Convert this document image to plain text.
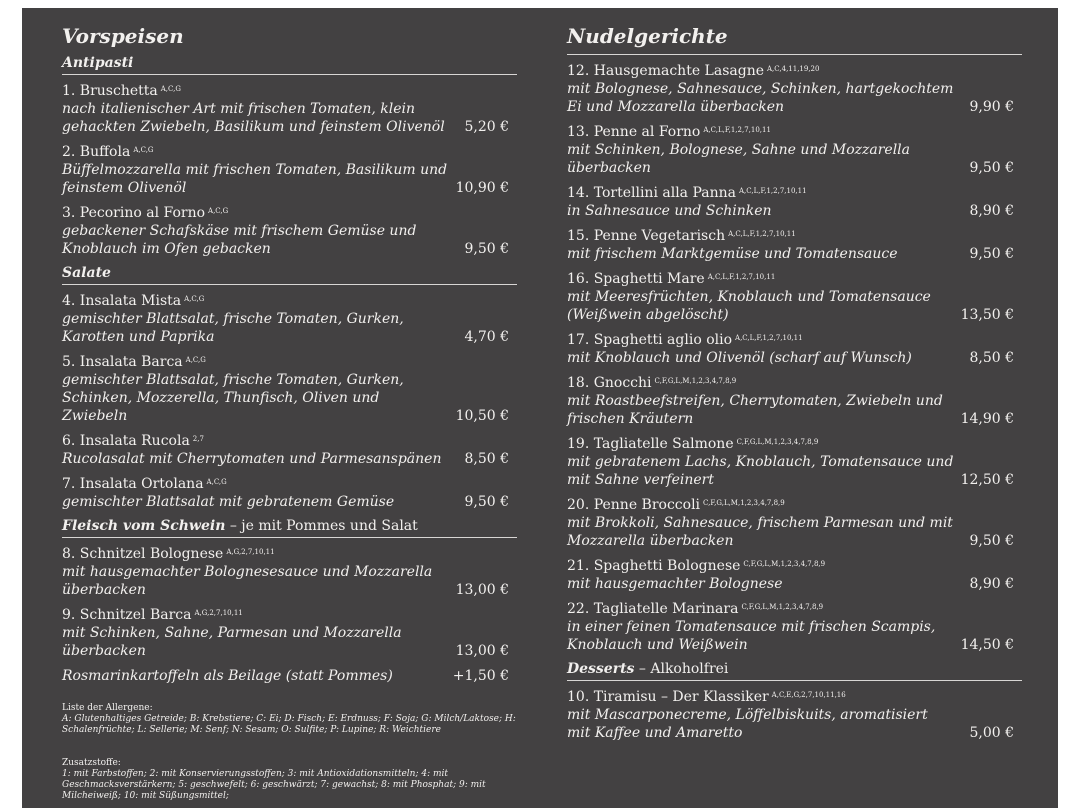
Vorspeisen
Antipasti
1. Bruschetta $^{A,C,G}$
nach italienischer Art mit frischen Tomaten, klein gehackten Zwiebeln, Basilikum und feinstem Olivenöl	5,20 €
2. Buffola $^{A,C,G}$
Büffelmozzarella mit frischen Tomaten, Basilikum und feinstem Olivenöl	10,90 €
3. Pecorino al Forno $^{A,C,G}$
gebackener Schafskäse mit frischem Gemüse und Knoblauch im Ofen gebacken	9,50 €
Salate
4. Insalata Mista $^{A,C,G}$
gemischter Blattsalat, frische Tomaten, Gurken, Karotten und Paprika	4,70 €
5. Insalata Barca $^{A,C,G}$
gemischter Blattsalat, frische Tomaten, Gurken, Schinken, Mozzerella, Thunfisch, Oliven und Zwiebeln	10,50 €
6. Insalata Rucola $^{2,7}$
Rucolasalat mit Cherrytomaten und Parmesanspänen	8,50 €
7. Insalata Ortolana $^{A,C,G}$
gemischter Blattsalat mit gebratenem Gemüse	9,50 €
Fleisch vom Schwein – je mit Pommes und Salat
8. Schnitzel Bolognese $^{A,G,2,7,10,11}$
mit hausgemachter Bolognesesauce und Mozzarella überbacken	13,00 €
9. Schnitzel Barca $^{A,G,2,7,10,11}$
mit Schinken, Sahne, Parmesan und Mozzarella überbacken	13,00 €
Rosmarinkartoffeln als Beilage (statt Pommes)	+1,50 €
Liste der Allergene:
A: Glutenhaltiges Getreide; B: Krebstiere; C: Ei; D: Fisch; E: Erdnuss; F: Soja; G: Milch/Laktose; H: Schalenfrüchte; L: Sellerie; M: Senf; N: Sesam; O: Sulfite; P: Lupine; R: Weichtiere
Zusatzstoffe:
1: mit Farbstoffen; 2: mit Konservierungsstoffen; 3: mit Antioxidationsmitteln; 4: mit Geschmacksverstärkern; 5: geschwefelt; 6: geschwärzt; 7: gewachst; 8: mit Phosphat; 9: mit Milcheiweiß; 10: mit Süßungsmittel;
Nudelgerichte
12. Hausgemachte Lasagne $^{A,C,4,11,19,20}$
mit Bolognese, Sahnesauce, Schinken, hartgekochtem Ei und Mozzarella überbacken	9,90 €
13. Penne al Forno $^{A,C,L,F,1,2,7,10,11}$
mit Schinken, Bolognese, Sahne und Mozzarella überbacken	9,50 €
14. Tortellini alla Panna $^{A,C,L,F,1,2,7,10,11}$
in Sahnesauce und Schinken	8,90 €
15. Penne Vegetarisch $^{A,C,L,F,1,2,7,10,11}$
mit frischem Marktgemüse und Tomatensauce	9,50 €
16. Spaghetti Mare $^{A,C,L,F,1,2,7,10,11}$
mit Meeresfrüchten, Knoblauch und Tomatensauce (Weißwein abgelöscht)	13,50 €
17. Spaghetti aglio olio $^{A,C,L,F,1,2,7,10,11}$
mit Knoblauch und Olivenöl (scharf auf Wunsch)	8,50 €
18. Gnocchi $^{C,F,G,L,M,1,2,3,4,7,8,9}$
mit Roastbeefstreifen, Cherrytomaten, Zwiebeln und frischen Kräutern	14,90 €
19. Tagliatelle Salmone $^{C,F,G,L,M,1,2,3,4,7,8,9}$
mit gebratenem Lachs, Knoblauch, Tomatensauce und mit Sahne verfeinert	12,50 €
20. Penne Broccoli $^{C,F,G,L,M,1,2,3,4,7,8,9}$
mit Brokkoli, Sahnesauce, frischem Parmesan und mit Mozzarella überbacken	9,50 €
21. Spaghetti Bolognese $^{C,F,G,L,M,1,2,3,4,7,8,9}$
mit hausgemachter Bolognese	8,90 €
22. Tagliatelle Marinara $^{C,F,G,L,M,1,2,3,4,7,8,9}$
in einer feinen Tomatensauce mit frischen Scampis, Knoblauch und Weißwein	14,50 €
Desserts – Alkoholfrei
10. Tiramisu – Der Klassiker $^{A,C,E,G,2,7,10,11,16}$
mit Mascarponecreme, Löffelbiskuits, aromatisiert mit Kaffee und Amaretto	5,00 €
